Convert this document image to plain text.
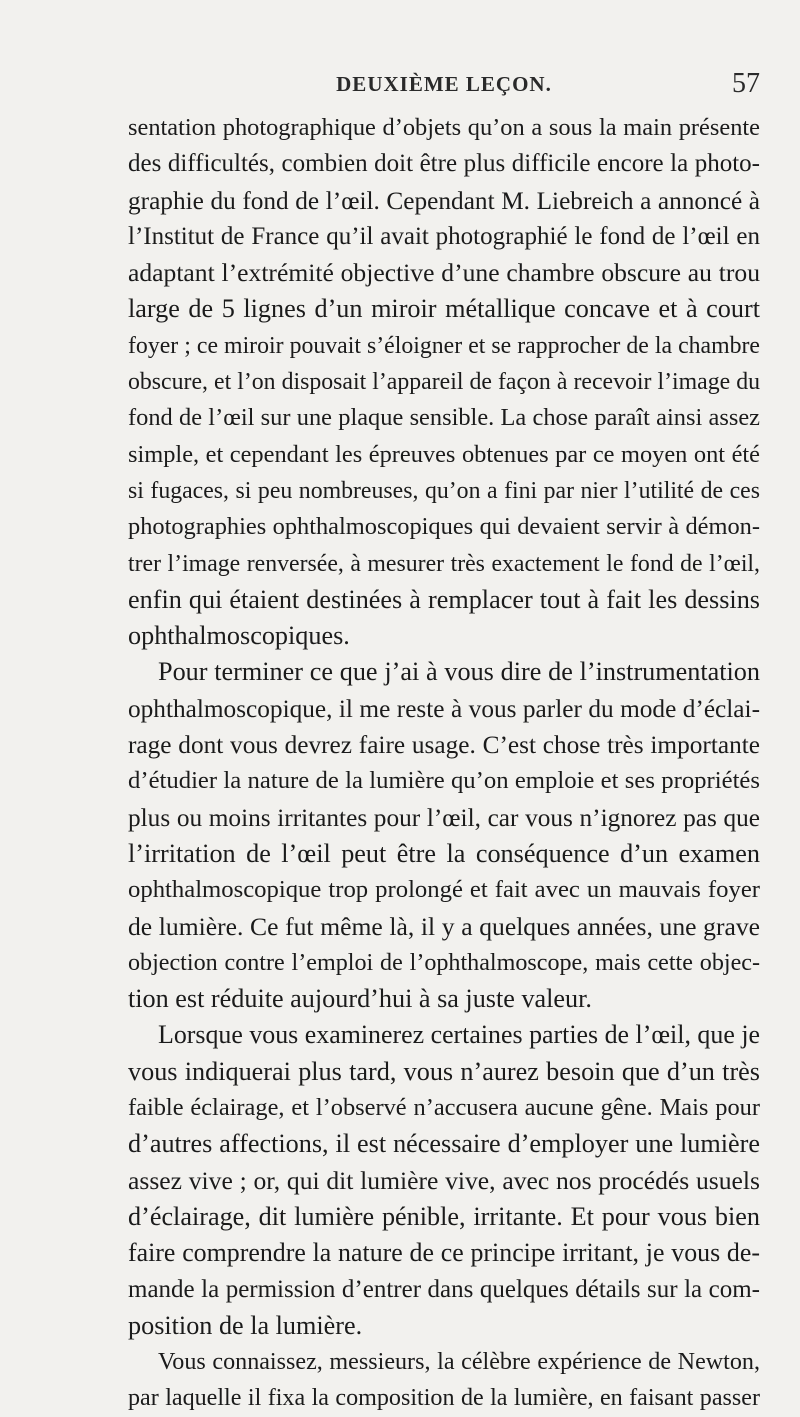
DEUXIÈME LEÇON.	57
sentation photographique d’objets qu’on a sous la main présente
des difficultés, combien doit être plus difficile encore la photo-
graphie du fond de l’œil. Cependant M. Liebreich a annoncé à
l’Institut de France qu’il avait photographié le fond de l’œil en
adaptant l’extrémité objective d’une chambre obscure au trou
large de 5 lignes d’un miroir métallique concave et à court
foyer ; ce miroir pouvait s’éloigner et se rapprocher de la chambre
obscure, et l’on disposait l’appareil de façon à recevoir l’image du
fond de l’œil sur une plaque sensible. La chose paraît ainsi assez
simple, et cependant les épreuves obtenues par ce moyen ont été
si fugaces, si peu nombreuses, qu’on a fini par nier l’utilité de ces
photographies ophthalmoscopiques qui devaient servir à démon-
trer l’image renversée, à mesurer très exactement le fond de l’œil,
enfin qui étaient destinées à remplacer tout à fait les dessins
ophthalmoscopiques.
Pour terminer ce que j’ai à vous dire de l’instrumentation
ophthalmoscopique, il me reste à vous parler du mode d’éclai-
rage dont vous devrez faire usage. C’est chose très importante
d’étudier la nature de la lumière qu’on emploie et ses propriétés
plus ou moins irritantes pour l’œil, car vous n’ignorez pas que
l’irritation de l’œil peut être la conséquence d’un examen
ophthalmoscopique trop prolongé et fait avec un mauvais foyer
de lumière. Ce fut même là, il y a quelques années, une grave
objection contre l’emploi de l’ophthalmoscope, mais cette objec-
tion est réduite aujourd’hui à sa juste valeur.
Lorsque vous examinerez certaines parties de l’œil, que je
vous indiquerai plus tard, vous n’aurez besoin que d’un très
faible éclairage, et l’observé n’accusera aucune gêne. Mais pour
d’autres affections, il est nécessaire d’employer une lumière
assez vive ; or, qui dit lumière vive, avec nos procédés usuels
d’éclairage, dit lumière pénible, irritante. Et pour vous bien
faire comprendre la nature de ce principe irritant, je vous de-
mande la permission d’entrer dans quelques détails sur la com-
position de la lumière.
Vous connaissez, messieurs, la célèbre expérience de Newton,
par laquelle il fixa la composition de la lumière, en faisant passer
